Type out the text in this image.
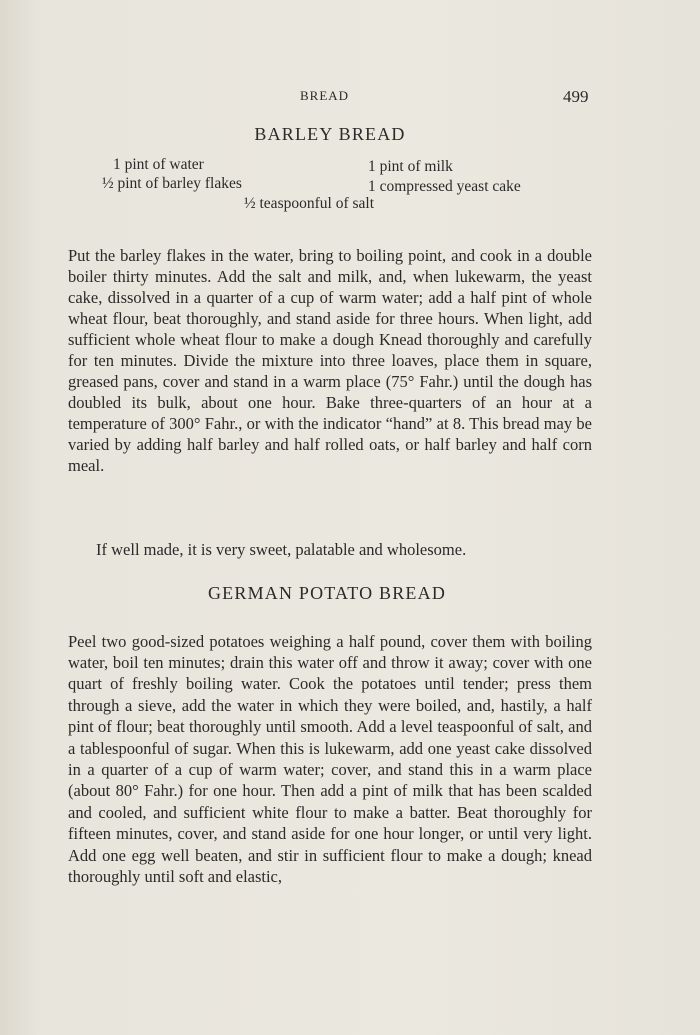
BREAD	499
BARLEY BREAD
1 pint of water	1 pint of milk
½ pint of barley flakes	1 compressed yeast cake
½ teaspoonful of salt

Put the barley flakes in the water, bring to boiling point, and cook in a double boiler thirty minutes. Add the salt and milk, and, when lukewarm, the yeast cake, dissolved in a quarter of a cup of warm water; add a half pint of whole wheat flour, beat thoroughly, and stand aside for three hours. When light, add sufficient whole wheat flour to make a dough Knead thoroughly and carefully for ten minutes. Divide the mixture into three loaves, place them in square, greased pans, cover and stand in a warm place (75° Fahr.) until the dough has doubled its bulk, about one hour. Bake three-quarters of an hour at a temperature of 300° Fahr., or with the indicator “hand” at 8. This bread may be varied by adding half barley and half rolled oats, or half barley and half corn meal.

If well made, it is very sweet, palatable and wholesome.

GERMAN POTATO BREAD

Peel two good-sized potatoes weighing a half pound, cover them with boiling water, boil ten minutes; drain this water off and throw it away; cover with one quart of freshly boiling water. Cook the potatoes until tender; press them through a sieve, add the water in which they were boiled, and, hastily, a half pint of flour; beat thoroughly until smooth. Add a level teaspoonful of salt, and a tablespoonful of sugar. When this is lukewarm, add one yeast cake dissolved in a quarter of a cup of warm water; cover, and stand this in a warm place (about 80° Fahr.) for one hour. Then add a pint of milk that has been scalded and cooled, and sufficient white flour to make a batter. Beat thoroughly for fifteen minutes, cover, and stand aside for one hour longer, or until very light. Add one egg well beaten, and stir in sufficient flour to make a dough; knead thoroughly until soft and elastic,
